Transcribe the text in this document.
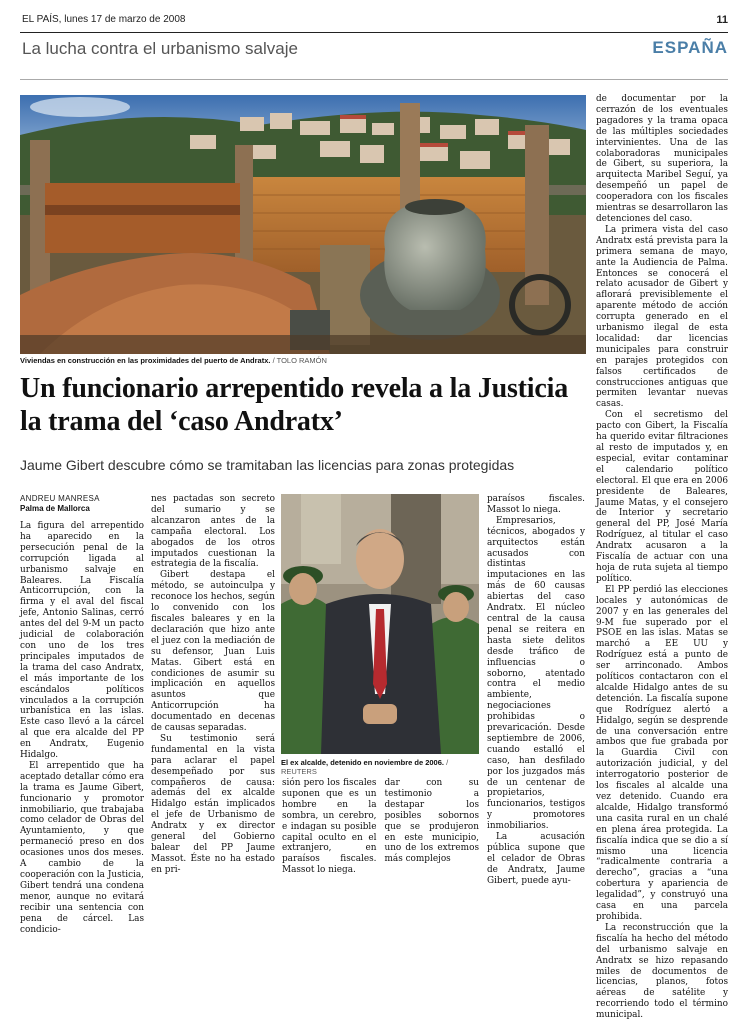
EL PAÍS, lunes 17 de marzo de 2008	11
La lucha contra el urbanismo salvaje	ESPAÑA
Viviendas en construcción en las proximidades del puerto de Andratx. / TOLO RAMÓN
Un funcionario arrepentido revela a la Justicia la trama del ‘caso Andratx’
Jaume Gibert descubre cómo se tramitaban las licencias para zonas protegidas
ANDREU MANRESA
Palma de Mallorca

La figura del arrepentido ha aparecido en la persecución penal de la corrupción ligada al urbanismo salvaje en Baleares. La Fiscalía Anticorrupción, con la firma y el aval del fiscal jefe, Antonio Salinas, cerró antes del del 9-M un pacto judicial de colaboración con uno de los tres principales imputados de la trama del caso Andratx, el más importante de los escándalos políticos vinculados a la corrupción urbanística en las islas. Este caso llevó a la cárcel al que era alcalde del PP en Andratx, Eugenio Hidalgo.

El arrepentido que ha aceptado detallar cómo era la trama es Jaume Gibert, funcionario y promotor inmobiliario, que trabajaba como celador de Obras del Ayuntamiento, y que permaneció preso en dos ocasiones unos dos meses. A cambio de la cooperación con la Justicia, Gibert tendrá una condena menor, aunque no evitará recibir una sentencia con pena de cárcel. Las condicio-

nes pactadas son secreto del sumario y se alcanzaron antes de la campaña electoral. Los abogados de los otros imputados cuestionan la estrategia de la fiscalía.

Gibert destapa el método, se autoinculpa y reconoce los hechos, según lo convenido con los fiscales baleares y en la declaración que hizo ante el juez con la mediación de su defensor, Juan Luis Matas. Gibert está en condiciones de asumir su implicación en aquellos asuntos que Anticorrupción ha documentado en decenas de causas separadas.

Su testimonio será fundamental en la vista para aclarar el papel desempeñado por sus compañeros de causa: además del ex alcalde Hidalgo están implicados el jefe de Urbanismo de Andratx y ex director general del Gobierno balear del PP Jaume Massot. Éste no ha estado en pri-

El ex alcalde, detenido en noviembre de 2006. / REUTERS

sión pero los fiscales suponen que es un hombre en la sombra, un cerebro, e indagan su posible capital oculto en el extranjero, en paraísos fiscales. Massot lo niega.

dar con su testimonio a destapar los posibles sobornos que se produjeron en este municipio, uno de los extremos más complejos

paraísos fiscales. Massot lo niega.

Empresarios, técnicos, abogados y arquitectos están acusados con distintas imputaciones en las más de 60 causas abiertas del caso Andratx. El núcleo central de la causa penal se reitera en hasta siete delitos desde tráfico de influencias o soborno, atentado contra el medio ambiente, negociaciones prohibidas o prevaricación. Desde septiembre de 2006, cuando estalló el caso, han desfilado por los juzgados más de un centenar de propietarios, funcionarios, testigos y promotores inmobiliarios.

La acusación pública supone que el celador de Obras de Andratx, Jaume Gibert, puede ayu-

de documentar por la cerrazón de los eventuales pagadores y la trama opaca de las múltiples sociedades intervinientes. Una de las colaboradoras municipales de Gibert, su superiora, la arquitecta Maribel Seguí, ya desempeñó un papel de cooperadora con los fiscales mientras se desarrollaron las detenciones del caso.

La primera vista del caso Andratx está prevista para la primera semana de mayo, ante la Audiencia de Palma. Entonces se conocerá el relato acusador de Gibert y aflorará previsiblemente el aparente método de acción corrupta generado en el urbanismo ilegal de esta localidad: dar licencias municipales para construir en parajes protegidos con falsos certificados de construcciones antiguas que permiten levantar nuevas casas.

Con el secretismo del pacto con Gibert, la Fiscalía ha querido evitar filtraciones al resto de imputados y, en especial, evitar contaminar el calendario político electoral. El que era en 2006 presidente de Baleares, Jaume Matas, y el consejero de Interior y secretario general del PP, José María Rodríguez, al titular el caso Andratx acusaron a la Fiscalía de actuar con una hoja de ruta sujeta al tiempo político.

El PP perdió las elecciones locales y autonómicas de 2007 y en las generales del 9-M fue superado por el PSOE en las islas. Matas se marchó a EE UU y Rodríguez está a punto de ser arrinconado. Ambos políticos contactaron con el alcalde Hidalgo antes de su detención. La fiscalía supone que Rodríguez alertó a Hidalgo, según se desprende de una conversación entre ambos que fue grabada por la Guardia Civil con autorización judicial, y del interrogatorio posterior de los fiscales al alcalde una vez detenido. Cuando era alcalde, Hidalgo transformó una casita rural en un chalé en plena área protegida. La fiscalía indica que se dio a sí mismo una licencia “radicalmente contraria a derecho”, gracias a “una cobertura y apariencia de legalidad”, y construyó una casa en una parcela prohibida.

La reconstrucción que la fiscalía ha hecho del método del urbanismo salvaje en Andratx se hizo repasando miles de documentos de licencias, planos, fotos aéreas de satélite y recorriendo todo el término municipal.
